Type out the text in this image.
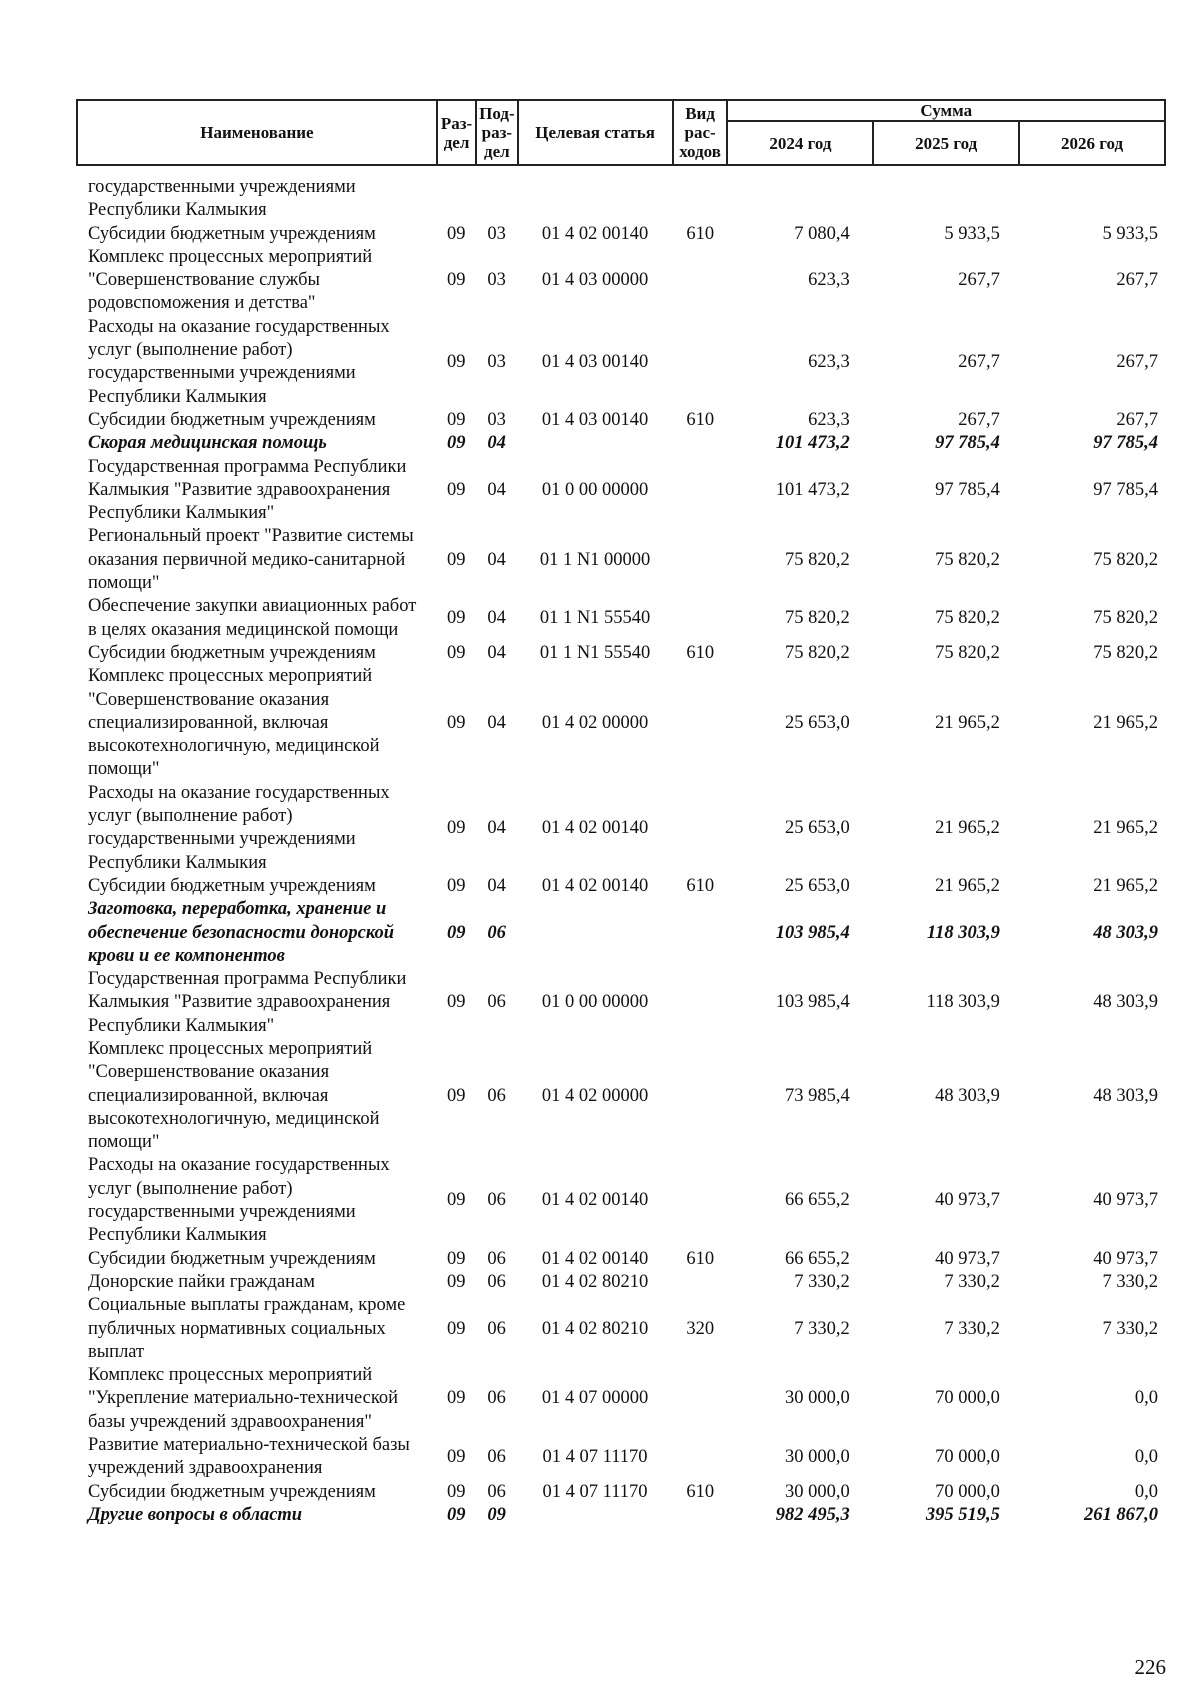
Наименование	Раз-дел	Под-раз-дел	Целевая статья	Вид рас-ходов	Сумма		
					2024 год	2025 год	2026 год
государственными учреждениями Республики Калмыкия							
Субсидии бюджетным учреждениям	09	03	01 4 02 00140	610	7 080,4	5 933,5	5 933,5
Комплекс процессных мероприятий "Совершенствование службы родовспоможения и детства"	09	03	01 4 03 00000		623,3	267,7	267,7
Расходы на оказание государственных услуг (выполнение работ) государственными учреждениями Республики Калмыкия	09	03	01 4 03 00140		623,3	267,7	267,7
Субсидии бюджетным учреждениям	09	03	01 4 03 00140	610	623,3	267,7	267,7
Скорая медицинская помощь	09	04			101 473,2	97 785,4	97 785,4
Государственная программа Республики Калмыкия "Развитие здравоохранения Республики Калмыкия"	09	04	01 0 00 00000		101 473,2	97 785,4	97 785,4
Региональный проект "Развитие системы оказания первичной медико-санитарной помощи"	09	04	01 1 N1 00000		75 820,2	75 820,2	75 820,2
Обеспечение закупки авиационных работ в целях оказания медицинской помощи	09	04	01 1 N1 55540		75 820,2	75 820,2	75 820,2
Субсидии бюджетным учреждениям	09	04	01 1 N1 55540	610	75 820,2	75 820,2	75 820,2
Комплекс процессных мероприятий "Совершенствование оказания специализированной, включая высокотехнологичную, медицинской помощи"	09	04	01 4 02 00000		25 653,0	21 965,2	21 965,2
Расходы на оказание государственных услуг (выполнение работ) государственными учреждениями Республики Калмыкия	09	04	01 4 02 00140		25 653,0	21 965,2	21 965,2
Субсидии бюджетным учреждениям	09	04	01 4 02 00140	610	25 653,0	21 965,2	21 965,2
Заготовка, переработка, хранение и обеспечение безопасности донорской крови и ее компонентов	09	06			103 985,4	118 303,9	48 303,9
Государственная программа Республики Калмыкия "Развитие здравоохранения Республики Калмыкия"	09	06	01 0 00 00000		103 985,4	118 303,9	48 303,9
Комплекс процессных мероприятий "Совершенствование оказания специализированной, включая высокотехнологичную, медицинской помощи"	09	06	01 4 02 00000		73 985,4	48 303,9	48 303,9
Расходы на оказание государственных услуг (выполнение работ) государственными учреждениями Республики Калмыкия	09	06	01 4 02 00140		66 655,2	40 973,7	40 973,7
Субсидии бюджетным учреждениям	09	06	01 4 02 00140	610	66 655,2	40 973,7	40 973,7
Донорские пайки гражданам	09	06	01 4 02 80210		7 330,2	7 330,2	7 330,2
Социальные выплаты гражданам, кроме публичных нормативных социальных выплат	09	06	01 4 02 80210	320	7 330,2	7 330,2	7 330,2
Комплекс процессных мероприятий "Укрепление материально-технической базы учреждений здравоохранения"	09	06	01 4 07 00000		30 000,0	70 000,0	0,0
Развитие материально-технической базы учреждений здравоохранения	09	06	01 4 07 11170		30 000,0	70 000,0	0,0
Субсидии бюджетным учреждениям	09	06	01 4 07 11170	610	30 000,0	70 000,0	0,0
Другие вопросы в области	09	09			982 495,3	395 519,5	261 867,0
226
